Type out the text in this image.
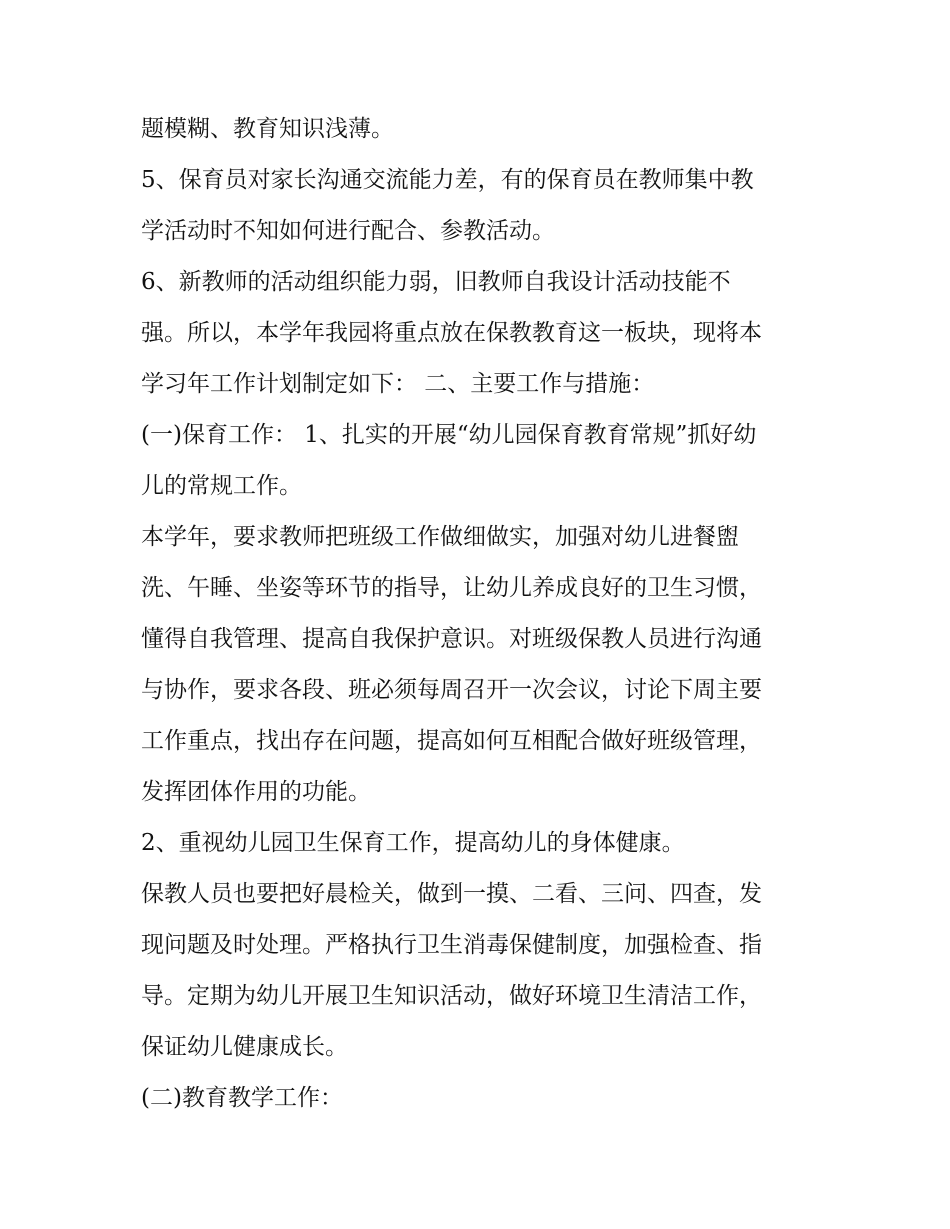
题模糊、教育知识浅薄。
5、保育员对家长沟通交流能力差，有的保育员在教师集中教
学活动时不知如何进行配合、参教活动。
6、新教师的活动组织能力弱，旧教师自我设计活动技能不
强。所以，本学年我园将重点放在保教教育这一板块，现将本
学习年工作计划制定如下： 二、主要工作与措施：
(一)保育工作： 1、扎实的开展“幼儿园保育教育常规”抓好幼
儿的常规工作。
本学年，要求教师把班级工作做细做实，加强对幼儿进餐盥
洗、午睡、坐姿等环节的指导，让幼儿养成良好的卫生习惯，
懂得自我管理、提高自我保护意识。对班级保教人员进行沟通
与协作，要求各段、班必须每周召开一次会议，讨论下周主要
工作重点，找出存在问题，提高如何互相配合做好班级管理，
发挥团体作用的功能。
2、重视幼儿园卫生保育工作，提高幼儿的身体健康。
保教人员也要把好晨检关，做到一摸、二看、三问、四查，发
现问题及时处理。严格执行卫生消毒保健制度，加强检查、指
导。定期为幼儿开展卫生知识活动，做好环境卫生清洁工作，
保证幼儿健康成长。
(二)教育教学工作：
